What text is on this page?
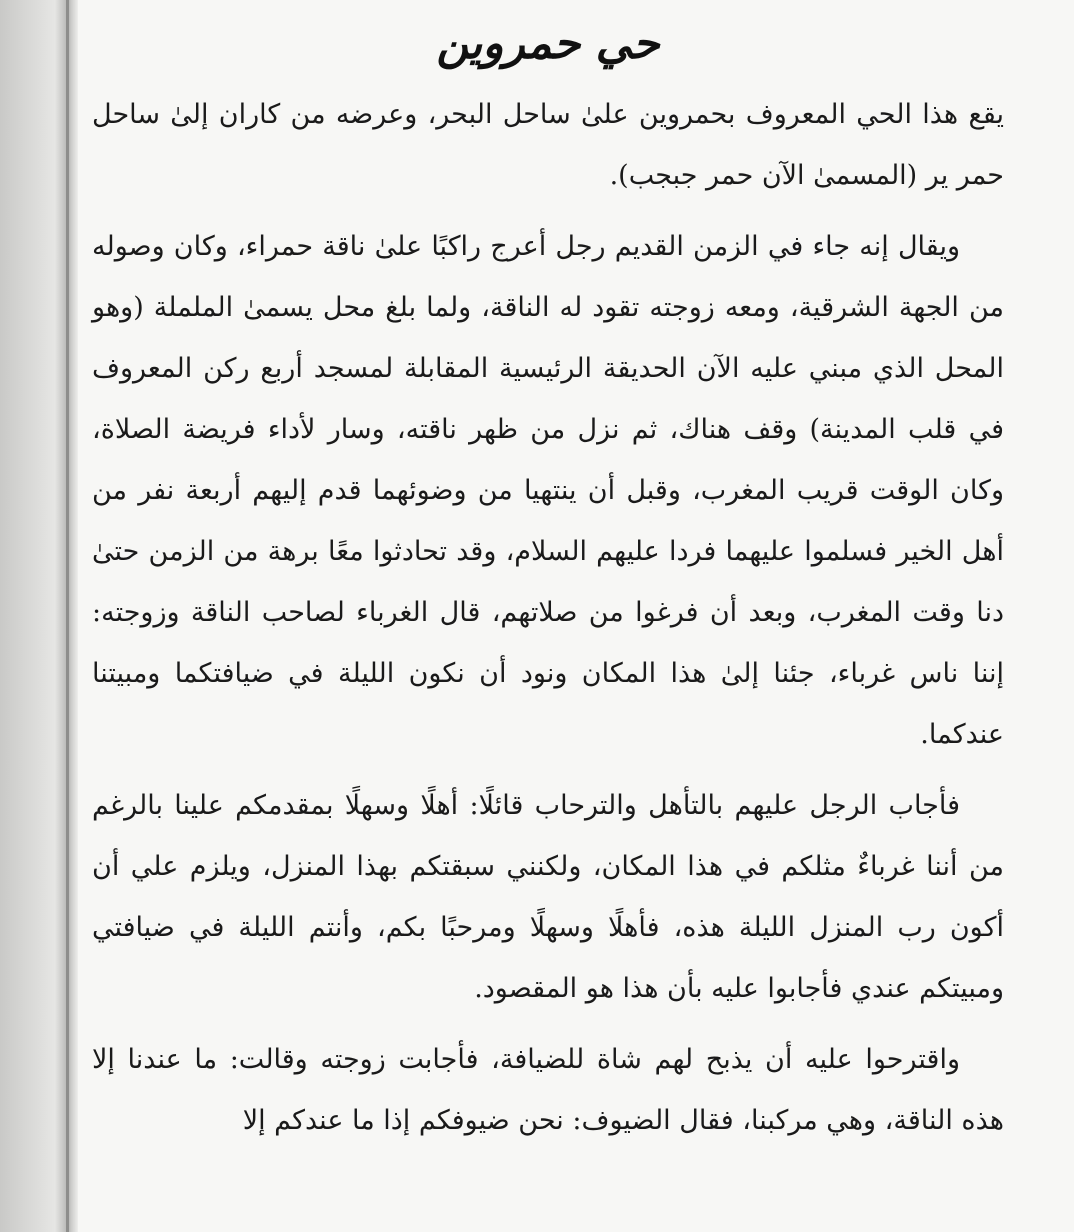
حي حمروين

يقع هذا الحي المعروف بحمروين علىٰ ساحل البحر، وعرضه من كاران إلىٰ ساحل حمر ير (المسمىٰ الآن حمر جبجب).

ويقال إنه جاء في الزمن القديم رجل أعرج راكبًا علىٰ ناقة حمراء، وكان وصوله من الجهة الشرقية، ومعه زوجته تقود له الناقة، ولما بلغ محل يسمىٰ الململة (وهو المحل الذي مبني عليه الآن الحديقة الرئيسية المقابلة لمسجد أربع ركن المعروف في قلب المدينة) وقف هناك، ثم نزل من ظهر ناقته، وسار لأداء فريضة الصلاة، وكان الوقت قريب المغرب، وقبل أن ينتهيا من وضوئهما قدم إليهم أربعة نفر من أهل الخير فسلموا عليهما فردا عليهم السلام، وقد تحادثوا معًا برهة من الزمن حتىٰ دنا وقت المغرب، وبعد أن فرغوا من صلاتهم، قال الغرباء لصاحب الناقة وزوجته: إننا ناس غرباء، جئنا إلىٰ هذا المكان ونود أن نكون الليلة في ضيافتكما ومبيتنا عندكما.

فأجاب الرجل عليهم بالتأهل والترحاب قائلًا: أهلًا وسهلًا بمقدمكم علينا بالرغم من أننا غرباءٌ مثلكم في هذا المكان، ولكنني سبقتكم بهذا المنزل، ويلزم علي أن أكون رب المنزل الليلة هذه، فأهلًا وسهلًا ومرحبًا بكم، وأنتم الليلة في ضيافتي ومبيتكم عندي فأجابوا عليه بأن هذا هو المقصود.

واقترحوا عليه أن يذبح لهم شاة للضيافة، فأجابت زوجته وقالت: ما عندنا إلا هذه الناقة، وهي مركبنا، فقال الضيوف: نحن ضيوفكم إذا ما عندكم إلا
